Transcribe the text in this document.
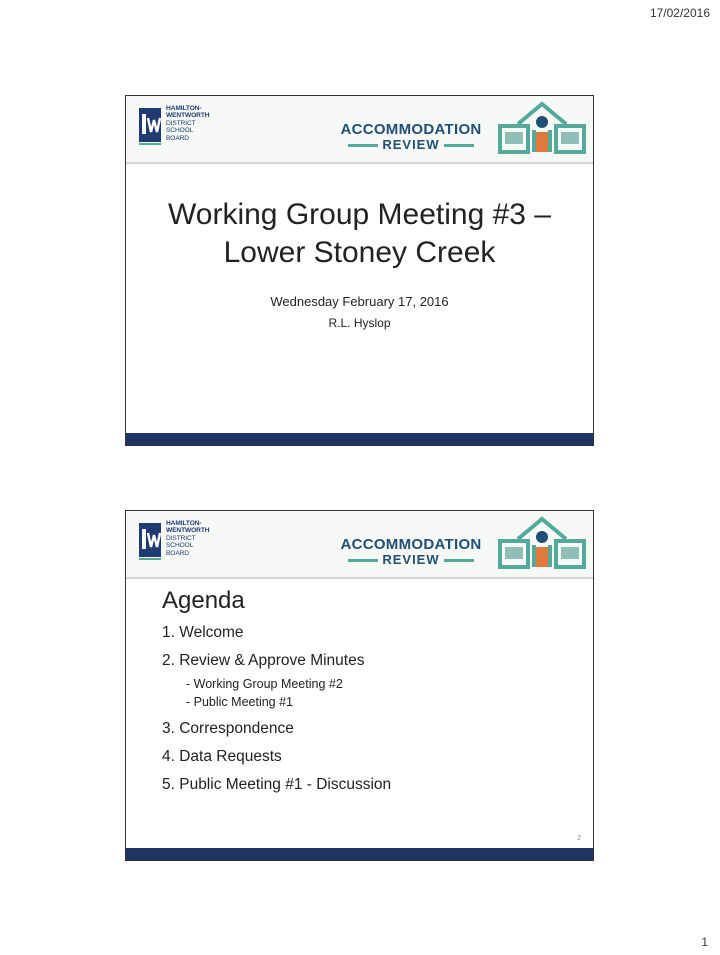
17/02/2016
HAMILTON-
WENTWORTH
DISTRICT
SCHOOL
BOARD
ACCOMMODATION
REVIEW
Working Group Meeting #3 –
Lower Stoney Creek
Wednesday February 17, 2016
R.L. Hyslop
HAMILTON-
WENTWORTH
DISTRICT
SCHOOL
BOARD
ACCOMMODATION
REVIEW
Agenda
1. Welcome
2. Review & Approve Minutes
- Working Group Meeting #2
- Public Meeting #1
3. Correspondence
4. Data Requests
5. Public Meeting #1 - Discussion
2
1
